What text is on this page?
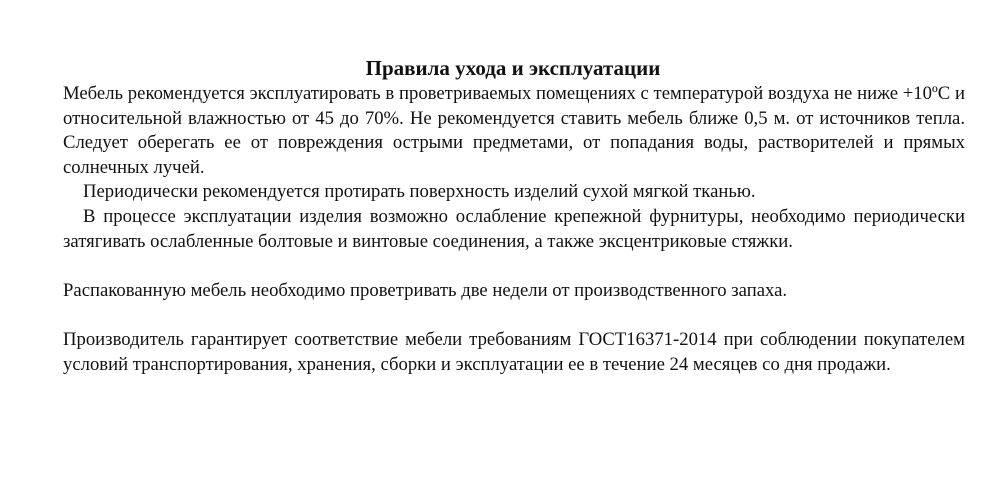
Правила ухода и эксплуатации

Мебель рекомендуется эксплуатировать в проветриваемых помещениях с температурой воздуха не ниже +10ºС и относительной влажностью от 45 до 70%. Не рекомендуется ставить мебель ближе 0,5 м. от источников тепла. Следует оберегать ее от повреждения острыми предметами, от попадания воды, растворителей и прямых солнечных лучей.

Периодически рекомендуется протирать поверхность изделий сухой мягкой тканью.

В процессе эксплуатации изделия возможно ослабление крепежной фурнитуры, необходимо периодически затягивать ослабленные болтовые и винтовые соединения, а также эксцентриковые стяжки.

Распакованную мебель необходимо проветривать две недели от производственного запаха.

Производитель гарантирует соответствие мебели требованиям ГОСТ16371-2014 при соблюдении покупателем условий транспортирования, хранения, сборки и эксплуатации ее в течение 24 месяцев со дня продажи.
